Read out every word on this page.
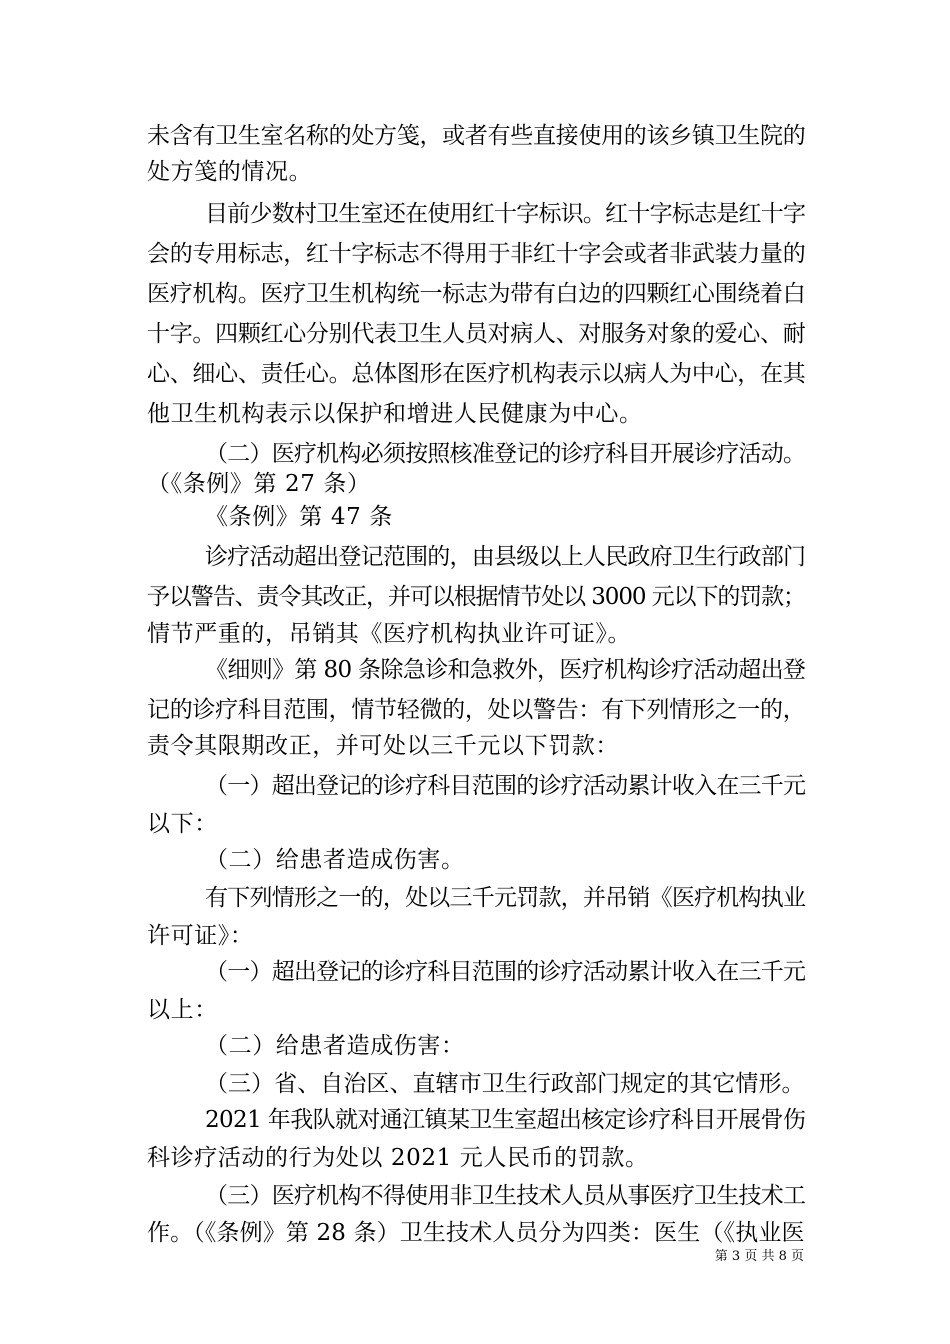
未含有卫生室名称的处方笺，或者有些直接使用的该乡镇卫生院的
处方笺的情况。
目前少数村卫生室还在使用红十字标识。红十字标志是红十字
会的专用标志，红十字标志不得用于非红十字会或者非武装力量的
医疗机构。医疗卫生机构统一标志为带有白边的四颗红心围绕着白
十字。四颗红心分别代表卫生人员对病人、对服务对象的爱心、耐
心、细心、责任心。总体图形在医疗机构表示以病人为中心，在其
他卫生机构表示以保护和增进人民健康为中心。
（二）医疗机构必须按照核准登记的诊疗科目开展诊疗活动。
（《条例》第 27 条）
《条例》第 47 条
诊疗活动超出登记范围的，由县级以上人民政府卫生行政部门
予以警告、责令其改正，并可以根据情节处以 3000 元以下的罚款；
情节严重的，吊销其《医疗机构执业许可证》。
《细则》第 80 条除急诊和急救外，医疗机构诊疗活动超出登
记的诊疗科目范围，情节轻微的，处以警告：有下列情形之一的，
责令其限期改正，并可处以三千元以下罚款：
（一）超出登记的诊疗科目范围的诊疗活动累计收入在三千元
以下：
（二）给患者造成伤害。
有下列情形之一的，处以三千元罚款，并吊销《医疗机构执业
许可证》：
（一）超出登记的诊疗科目范围的诊疗活动累计收入在三千元
以上：
（二）给患者造成伤害：
（三）省、自治区、直辖市卫生行政部门规定的其它情形。
2021 年我队就对通江镇某卫生室超出核定诊疗科目开展骨伤
科诊疗活动的行为处以 2021 元人民币的罚款。
（三）医疗机构不得使用非卫生技术人员从事医疗卫生技术工
作。（《条例》第 28 条）卫生技术人员分为四类：医生（《执业医
第 3 页 共 8 页
